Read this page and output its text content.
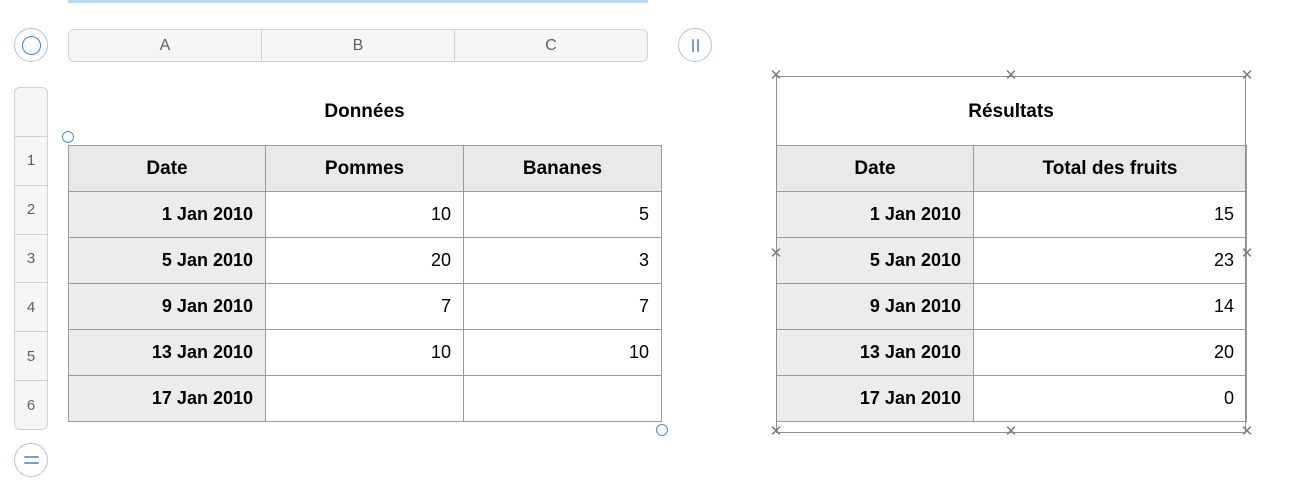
A	B	C
1
2
3
4
5
6
Données
Date	Pommes	Bananes
1 Jan 2010	10	5
5 Jan 2010	20	3
9 Jan 2010	7	7
13 Jan 2010	10	10
17 Jan 2010		
Résultats
Date	Total des fruits
1 Jan 2010	15
5 Jan 2010	23
9 Jan 2010	14
13 Jan 2010	20
17 Jan 2010	0
✕
✕
✕
✕
✕
✕
✕
✕
